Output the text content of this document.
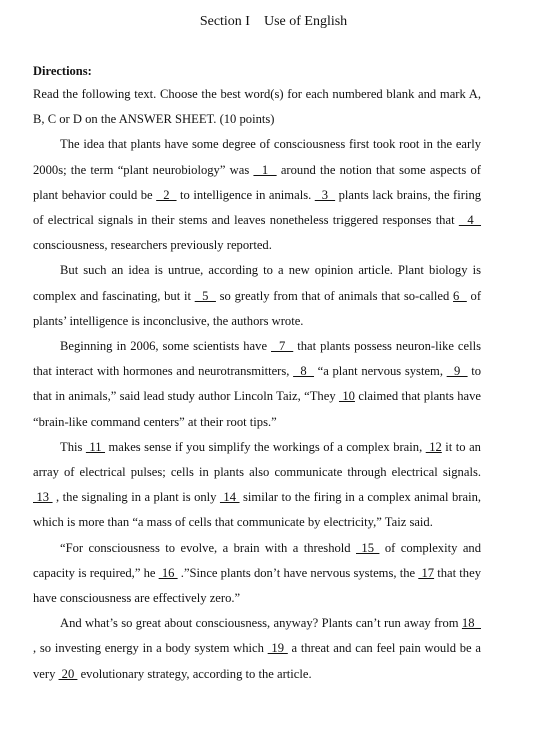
Section I Use of English
Directions:

Read the following text. Choose the best word(s) for each numbered blank and mark A, B, C or D on the ANSWER SHEET. (10 points)

The idea that plants have some degree of consciousness first took root in the early 2000s; the term “plant neurobiology” was   1   around the notion that some aspects of plant behavior could be   2   to intelligence in animals.   3   plants lack brains, the firing of electrical signals in their stems and leaves nonetheless triggered responses that   4   consciousness, researchers previously reported.

But such an idea is untrue, according to a new opinion article. Plant biology is complex and fascinating, but it   5   so greatly from that of animals that so-called 6   of plants’ intelligence is inconclusive, the authors wrote.

Beginning in 2006, some scientists have   7   that plants possess neuron-like cells that interact with hormones and neurotransmitters,   8   “a plant nervous system,   9   to that in animals,” said lead study author Lincoln Taiz, “They  10 claimed that plants have “brain-like command centers” at their root tips.”

This  11  makes sense if you simplify the workings of a complex brain,  12 it to an array of electrical pulses; cells in plants also communicate through electrical signals.  13  , the signaling in a plant is only  14  similar to the firing in a complex animal brain, which is more than “a mass of cells that communicate by electricity,” Taiz said.

“For consciousness to evolve, a brain with a threshold  15  of complexity and capacity is required,” he  16  .”Since plants don’t have nervous systems, the  17 that they have consciousness are effectively zero.”

And what’s so great about consciousness, anyway? Plants can’t run away from 18   , so investing energy in a body system which  19  a threat and can feel pain would be a very  20  evolutionary strategy, according to the article.
